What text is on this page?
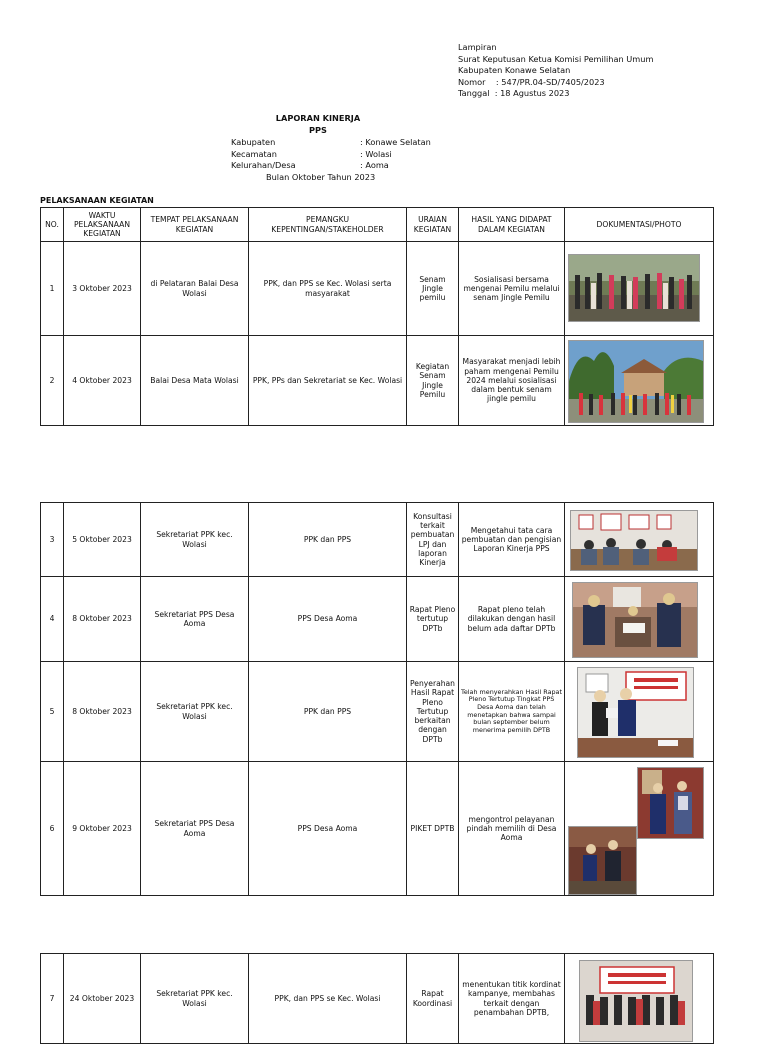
Lampiran
Surat Keputusan Ketua Komisi Pemilihan Umum
Kabupaten Konawe Selatan
Nomor    : 547/PR.04-SD/7405/2023
Tanggal  : 18 Agustus 2023
LAPORAN KINERJA
PPS
Kabupaten	: Konawe Selatan
Kecamatan	: Wolasi
Kelurahan/Desa	: Aoma
Bulan Oktober Tahun 2023
PELAKSANAAN KEGIATAN
NO.	WAKTU PELAKSANAAN KEGIATAN	TEMPAT PELAKSANAAN KEGIATAN	PEMANGKU KEPENTINGAN/STAKEHOLDER	URAIAN KEGIATAN	HASIL YANG DIDAPAT DALAM KEGIATAN	DOKUMENTASI/PHOTO
1	3 Oktober 2023	di Pelataran Balai Desa Wolasi	PPK, dan PPS se Kec. Wolasi serta masyarakat	Senam Jingle pemilu	Sosialisasi bersama mengenai Pemilu melalui senam Jingle Pemilu	

2	4 Oktober 2023	Balai Desa Mata Wolasi	PPK, PPs dan Sekretariat se Kec. Wolasi	Kegiatan Senam Jingle Pemilu	Masyarakat menjadi lebih paham mengenai Pemilu 2024 melalui sosialisasi dalam bentuk senam jingle pemilu	
3	5 Oktober 2023	Sekretariat PPK kec. Wolasi	PPK dan PPS	Konsultasi terkait pembuatan LPJ dan laporan Kinerja	Mengetahui tata cara pembuatan dan pengisian Laporan Kinerja PPS	

4	8 Oktober 2023	Sekretariat PPS Desa Aoma	PPS Desa Aoma	Rapat Pleno tertutup DPTb	Rapat pleno telah dilakukan dengan hasil belum ada daftar DPTb	

5	8 Oktober 2023	Sekretariat PPK kec. Wolasi	PPK dan PPS	Penyerahan Hasil Rapat Pleno Tertutup berkaitan dengan DPTb	Telah menyerahkan Hasil Rapat Pleno Tertutup Tingkat PPS Desa Aoma dan telah menetapkan bahwa sampai bulan september belum menerima pemilih DPTB	

6	9 Oktober 2023	Sekretariat PPS Desa Aoma	PPS Desa Aoma	PIKET DPTB	mengontrol pelayanan pindah memilih di Desa Aoma	
7	24 Oktober 2023	Sekretariat PPK kec. Wolasi	PPK, dan PPS se Kec. Wolasi	Rapat Koordinasi	menentukan titik kordinat kampanye, membahas terkait dengan penambahan DPTB,	
